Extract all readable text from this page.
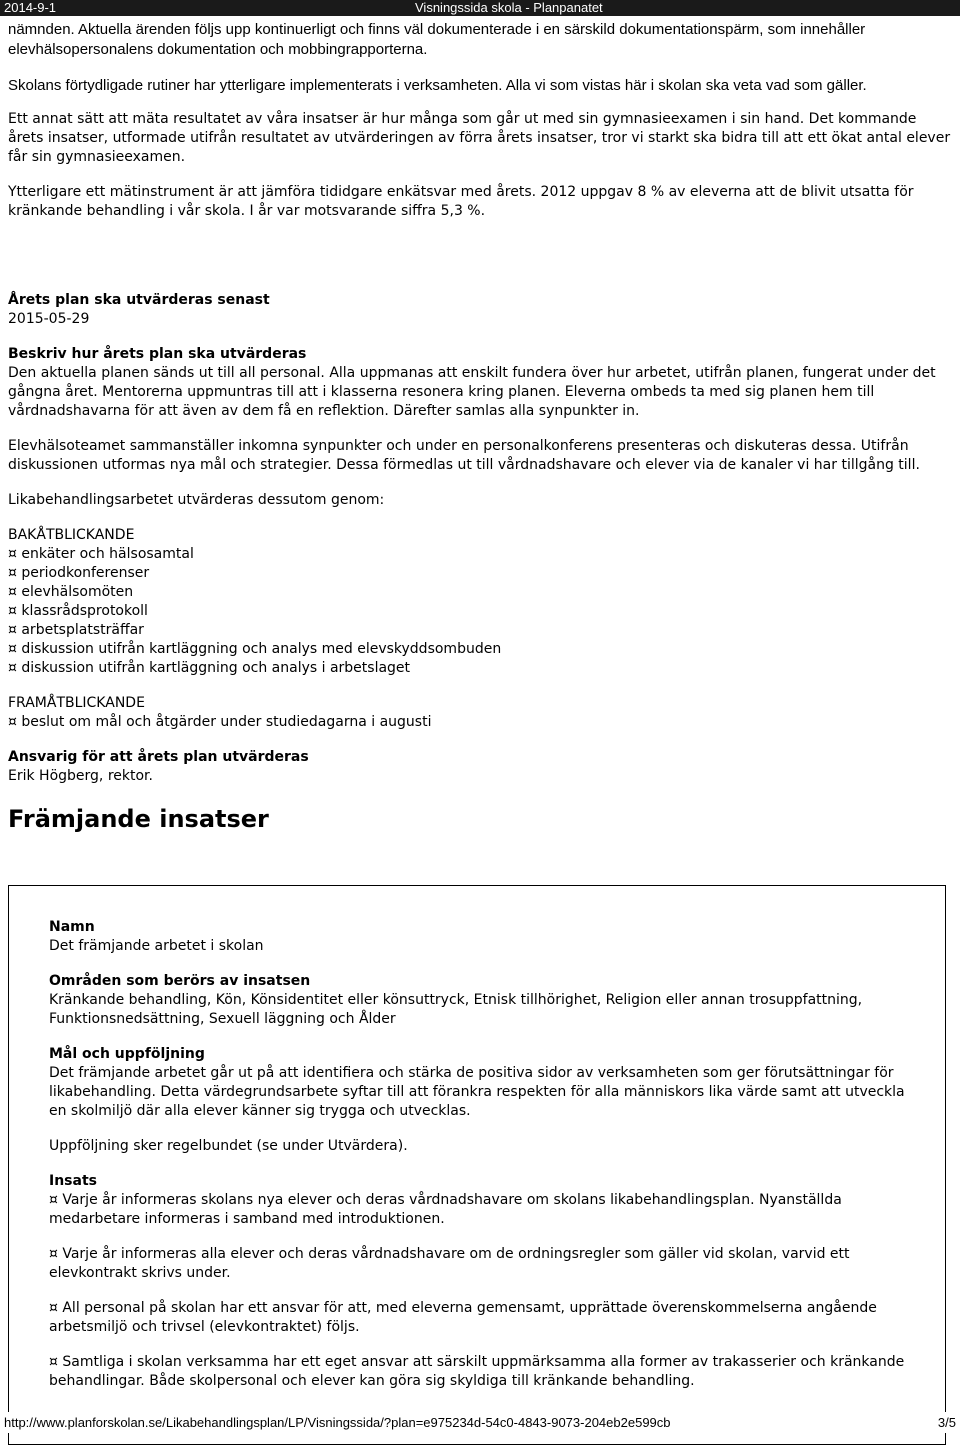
2014-9-1	Visningssida skola - Planpanatet

nämnden. Aktuella ärenden följs upp kontinuerligt och finns väl dokumenterade i en särskild dokumentationspärm, som innehåller elevhälsopersonalens dokumentation och mobbingrapporterna.

Skolans förtydligade rutiner har ytterligare implementerats i verksamheten. Alla vi som vistas här i skolan ska veta vad som gäller.

Ett annat sätt att mäta resultatet av våra insatser är hur många som går ut med sin gymnasieexamen i sin hand. Det kommande årets insatser, utformade utifrån resultatet av utvärderingen av förra årets insatser, tror vi starkt ska bidra till att ett ökat antal elever får sin gymnasieexamen.

Ytterligare ett mätinstrument är att jämföra tididgare enkätsvar med årets. 2012 uppgav 8 % av eleverna att de blivit utsatta för kränkande behandling i vår skola. I år var motsvarande siffra 5,3 %.

Årets plan ska utvärderas senast

2015-05-29

Beskriv hur årets plan ska utvärderas

Den aktuella planen sänds ut till all personal. Alla uppmanas att enskilt fundera över hur arbetet, utifrån planen, fungerat under det gångna året. Mentorerna uppmuntras till att i klasserna resonera kring planen. Eleverna ombeds ta med sig planen hem till vårdnadshavarna för att även av dem få en reflektion. Därefter samlas alla synpunkter in.

Elevhälsoteamet sammanställer inkomna synpunkter och under en personalkonferens presenteras och diskuteras dessa. Utifrån diskussionen utformas nya mål och strategier. Dessa förmedlas ut till vårdnadshavare och elever via de kanaler vi har tillgång till.

Likabehandlingsarbetet utvärderas dessutom genom:

BAKÅTBLICKANDE

¤ enkäter och hälsosamtal

¤ periodkonferenser

¤ elevhälsomöten

¤ klassrådsprotokoll

¤ arbetsplatsträffar

¤ diskussion utifrån kartläggning och analys med elevskyddsombuden

¤ diskussion utifrån kartläggning och analys i arbetslaget

FRAMÅTBLICKANDE

¤ beslut om mål och åtgärder under studiedagarna i augusti

Ansvarig för att årets plan utvärderas

Erik Högberg, rektor.

Främjande insatser

Namn

Det främjande arbetet i skolan

Områden som berörs av insatsen

Kränkande behandling, Kön, Könsidentitet eller könsuttryck, Etnisk tillhörighet, Religion eller annan trosuppfattning, Funktionsnedsättning, Sexuell läggning och Ålder

Mål och uppföljning

Det främjande arbetet går ut på att identifiera och stärka de positiva sidor av verksamheten som ger förutsättningar för likabehandling. Detta värdegrundsarbete syftar till att förankra respekten för alla människors lika värde samt att utveckla en skolmiljö där alla elever känner sig trygga och utvecklas.

Uppföljning sker regelbundet (se under Utvärdera).

Insats

¤ Varje år informeras skolans nya elever och deras vårdnadshavare om skolans likabehandlingsplan. Nyanställda medarbetare informeras i samband med introduktionen.

¤ Varje år informeras alla elever och deras vårdnadshavare om de ordningsregler som gäller vid skolan, varvid ett elevkontrakt skrivs under.

¤ All personal på skolan har ett ansvar för att, med eleverna gemensamt, upprättade överenskommelserna angående arbetsmiljö och trivsel (elevkontraktet) följs.

¤ Samtliga i skolan verksamma har ett eget ansvar att särskilt uppmärksamma alla former av trakasserier och kränkande behandlingar. Både skolpersonal och elever kan göra sig skyldiga till kränkande behandling.

http://www.planforskolan.se/Likabehandlingsplan/LP/Visningssida/?plan=e975234d-54c0-4843-9073-204eb2e599cb	3/5
